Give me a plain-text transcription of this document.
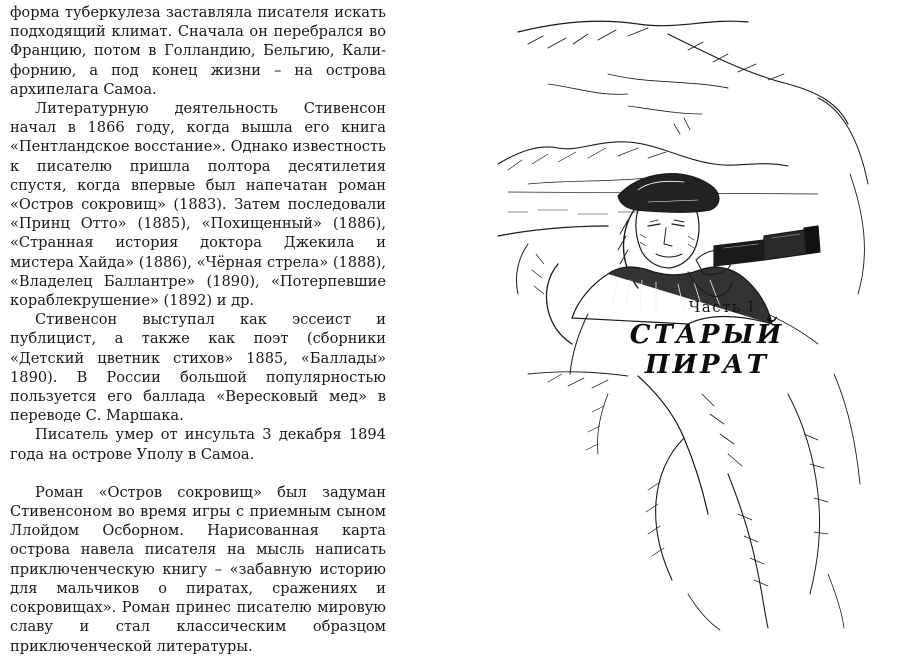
форма туберкулеза заставляла писателя искать подходящий климат. Сначала он перебрался во Францию, потом в Голландию, Бельгию, Калифорнию, а под конец жизни – на острова архипелага Самоа.

Литературную деятельность Стивенсон начал в 1866 году, когда вышла его книга «Пентландское восстание». Однако известность к писателю пришла полтора десятилетия спустя, когда впервые был напечатан роман «Остров сокровищ» (1883). Затем последовали «Принц Отто» (1885), «Похищенный» (1886), «Странная история доктора Джекила и мистера Хайда» (1886), «Чёрная стрела» (1888), «Владелец Баллантре» (1890), «Потерпевшие кораблекрушение» (1892) и др.

Стивенсон выступал как эссеист и публицист, а также как поэт (сборники «Детский цветник стихов» 1885, «Баллады» 1890). В России большой популярностью пользуется его баллада «Вересковый мед» в переводе С. Маршака.

Писатель умер от инсульта 3 декабря 1894 года на острове Уполу в Самоа.

Роман «Остров сокровищ» был задуман Стивенсоном во время игры с приемным сыном Ллойдом Осборном. Нарисованная карта острова навела писателя на мысль написать приключенческую книгу – «забавную историю для мальчиков о пиратах, сражениях и сокровищах». Роман принес писателю мировую славу и стал классическим образцом приключенческой литературы.

Часть I
СТАРЫЙ ПИРАТ
